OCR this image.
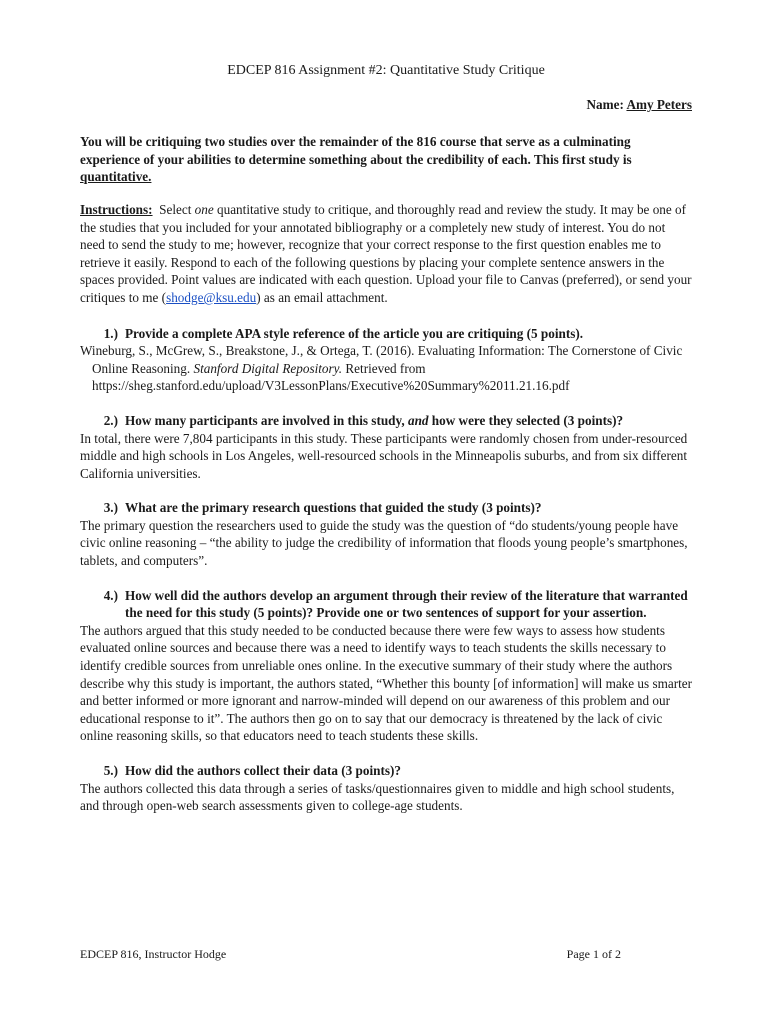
EDCEP 816 Assignment #2: Quantitative Study Critique
Name: Amy Peters
You will be critiquing two studies over the remainder of the 816 course that serve as a culminating experience of your abilities to determine something about the credibility of each. This first study is quantitative.
Instructions: Select one quantitative study to critique, and thoroughly read and review the study. It may be one of the studies that you included for your annotated bibliography or a completely new study of interest. You do not need to send the study to me; however, recognize that your correct response to the first question enables me to retrieve it easily. Respond to each of the following questions by placing your complete sentence answers in the spaces provided. Point values are indicated with each question. Upload your file to Canvas (preferred), or send your critiques to me (shodge@ksu.edu) as an email attachment.
1.) Provide a complete APA style reference of the article you are critiquing (5 points).
Wineburg, S., McGrew, S., Breakstone, J., & Ortega, T. (2016). Evaluating Information: The Cornerstone of Civic Online Reasoning. Stanford Digital Repository. Retrieved from https://sheg.stanford.edu/upload/V3LessonPlans/Executive%20Summary%2011.21.16.pdf
2.) How many participants are involved in this study, and how were they selected (3 points)?
In total, there were 7,804 participants in this study. These participants were randomly chosen from under-resourced middle and high schools in Los Angeles, well-resourced schools in the Minneapolis suburbs, and from six different California universities.
3.) What are the primary research questions that guided the study (3 points)?
The primary question the researchers used to guide the study was the question of “do students/young people have civic online reasoning – “the ability to judge the credibility of information that floods young people’s smartphones, tablets, and computers”.
4.) How well did the authors develop an argument through their review of the literature that warranted the need for this study (5 points)? Provide one or two sentences of support for your assertion.
The authors argued that this study needed to be conducted because there were few ways to assess how students evaluated online sources and because there was a need to identify ways to teach students the skills necessary to identify credible sources from unreliable ones online. In the executive summary of their study where the authors describe why this study is important, the authors stated, “Whether this bounty [of information] will make us smarter and better informed or more ignorant and narrow-minded will depend on our awareness of this problem and our educational response to it”. The authors then go on to say that our democracy is threatened by the lack of civic online reasoning skills, so that educators need to teach students these skills.
5.) How did the authors collect their data (3 points)?
The authors collected this data through a series of tasks/questionnaires given to middle and high school students, and through open-web search assessments given to college-age students.
EDCEP 816, Instructor Hodge	Page 1 of 2
